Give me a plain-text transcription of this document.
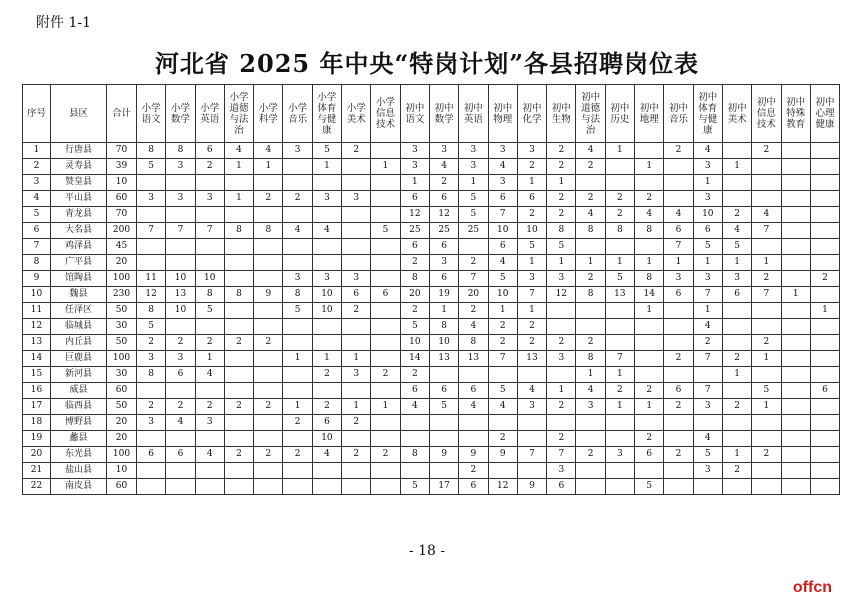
附件 1-1
河北省 2025 年中央“特岗计划”各县招聘岗位表
序号	县区	合计	小学语文	小学数学	小学英语	小学道德与法治	小学科学	小学音乐	小学体育与健康	小学美术	小学信息技术	初中语文	初中数学	初中英语	初中物理	初中化学	初中生物	初中道德与法治	初中历史	初中地理	初中音乐	初中体育与健康	初中美术	初中信息技术	初中特殊教育	初中心理健康
1	行唐县	70	8	8	6	4	4	3	5	2		3	3	3	3	3	2	4	1		2	4		2		
2	灵寿县	39	5	3	2	1	1		1		1	3	4	3	4	2	2	2		1		3	1			
3	赞皇县	10										1	2	1	3	1	1					1				
4	平山县	60	3	3	3	1	2	2	3	3		6	6	5	6	6	2	2	2	2		3				
5	青龙县	70										12	12	5	7	2	2	4	2	4	4	10	2	4		
6	大名县	200	7	7	7	8	8	4	4		5	25	25	25	10	10	8	8	8	8	6	6	4	7		
7	鸡泽县	45										6	6		6	5	5				7	5	5			
8	广平县	20										2	3	2	4	1	1	1	1	1	1	1	1	1		
9	馆陶县	100	11	10	10			3	3	3		8	6	7	5	3	3	2	5	8	3	3	3	2		2
10	魏县	230	12	13	8	8	9	8	10	6	6	20	19	20	10	7	12	8	13	14	6	7	6	7	1	
11	任泽区	50	8	10	5			5	10	2		2	1	2	1	1				1		1				1
12	临城县	30	5									5	8	4	2	2						4				
13	内丘县	50	2	2	2	2	2					10	10	8	2	2	2	2				2		2		
14	巨鹿县	100	3	3	1			1	1	1		14	13	13	7	13	3	8	7		2	7	2	1		
15	新河县	30	8	6	4				2	3	2	2						1	1				1			
16	威县	60										6	6	6	5	4	1	4	2	2	6	7		5		6
17	临西县	50	2	2	2	2	2	1	2	1	1	4	5	4	4	3	2	3	1	1	2	3	2	1		
18	博野县	20	3	4	3			2	6	2																
19	蠡县	20							10						2		2			2		4				
20	东光县	100	6	6	4	2	2	2	4	2	2	8	9	9	9	7	7	2	3	6	2	5	1	2		
21	盐山县	10												2			3					3	2			
22	南皮县	60										5	17	6	12	9	6			5						
- 18 -
offcn
